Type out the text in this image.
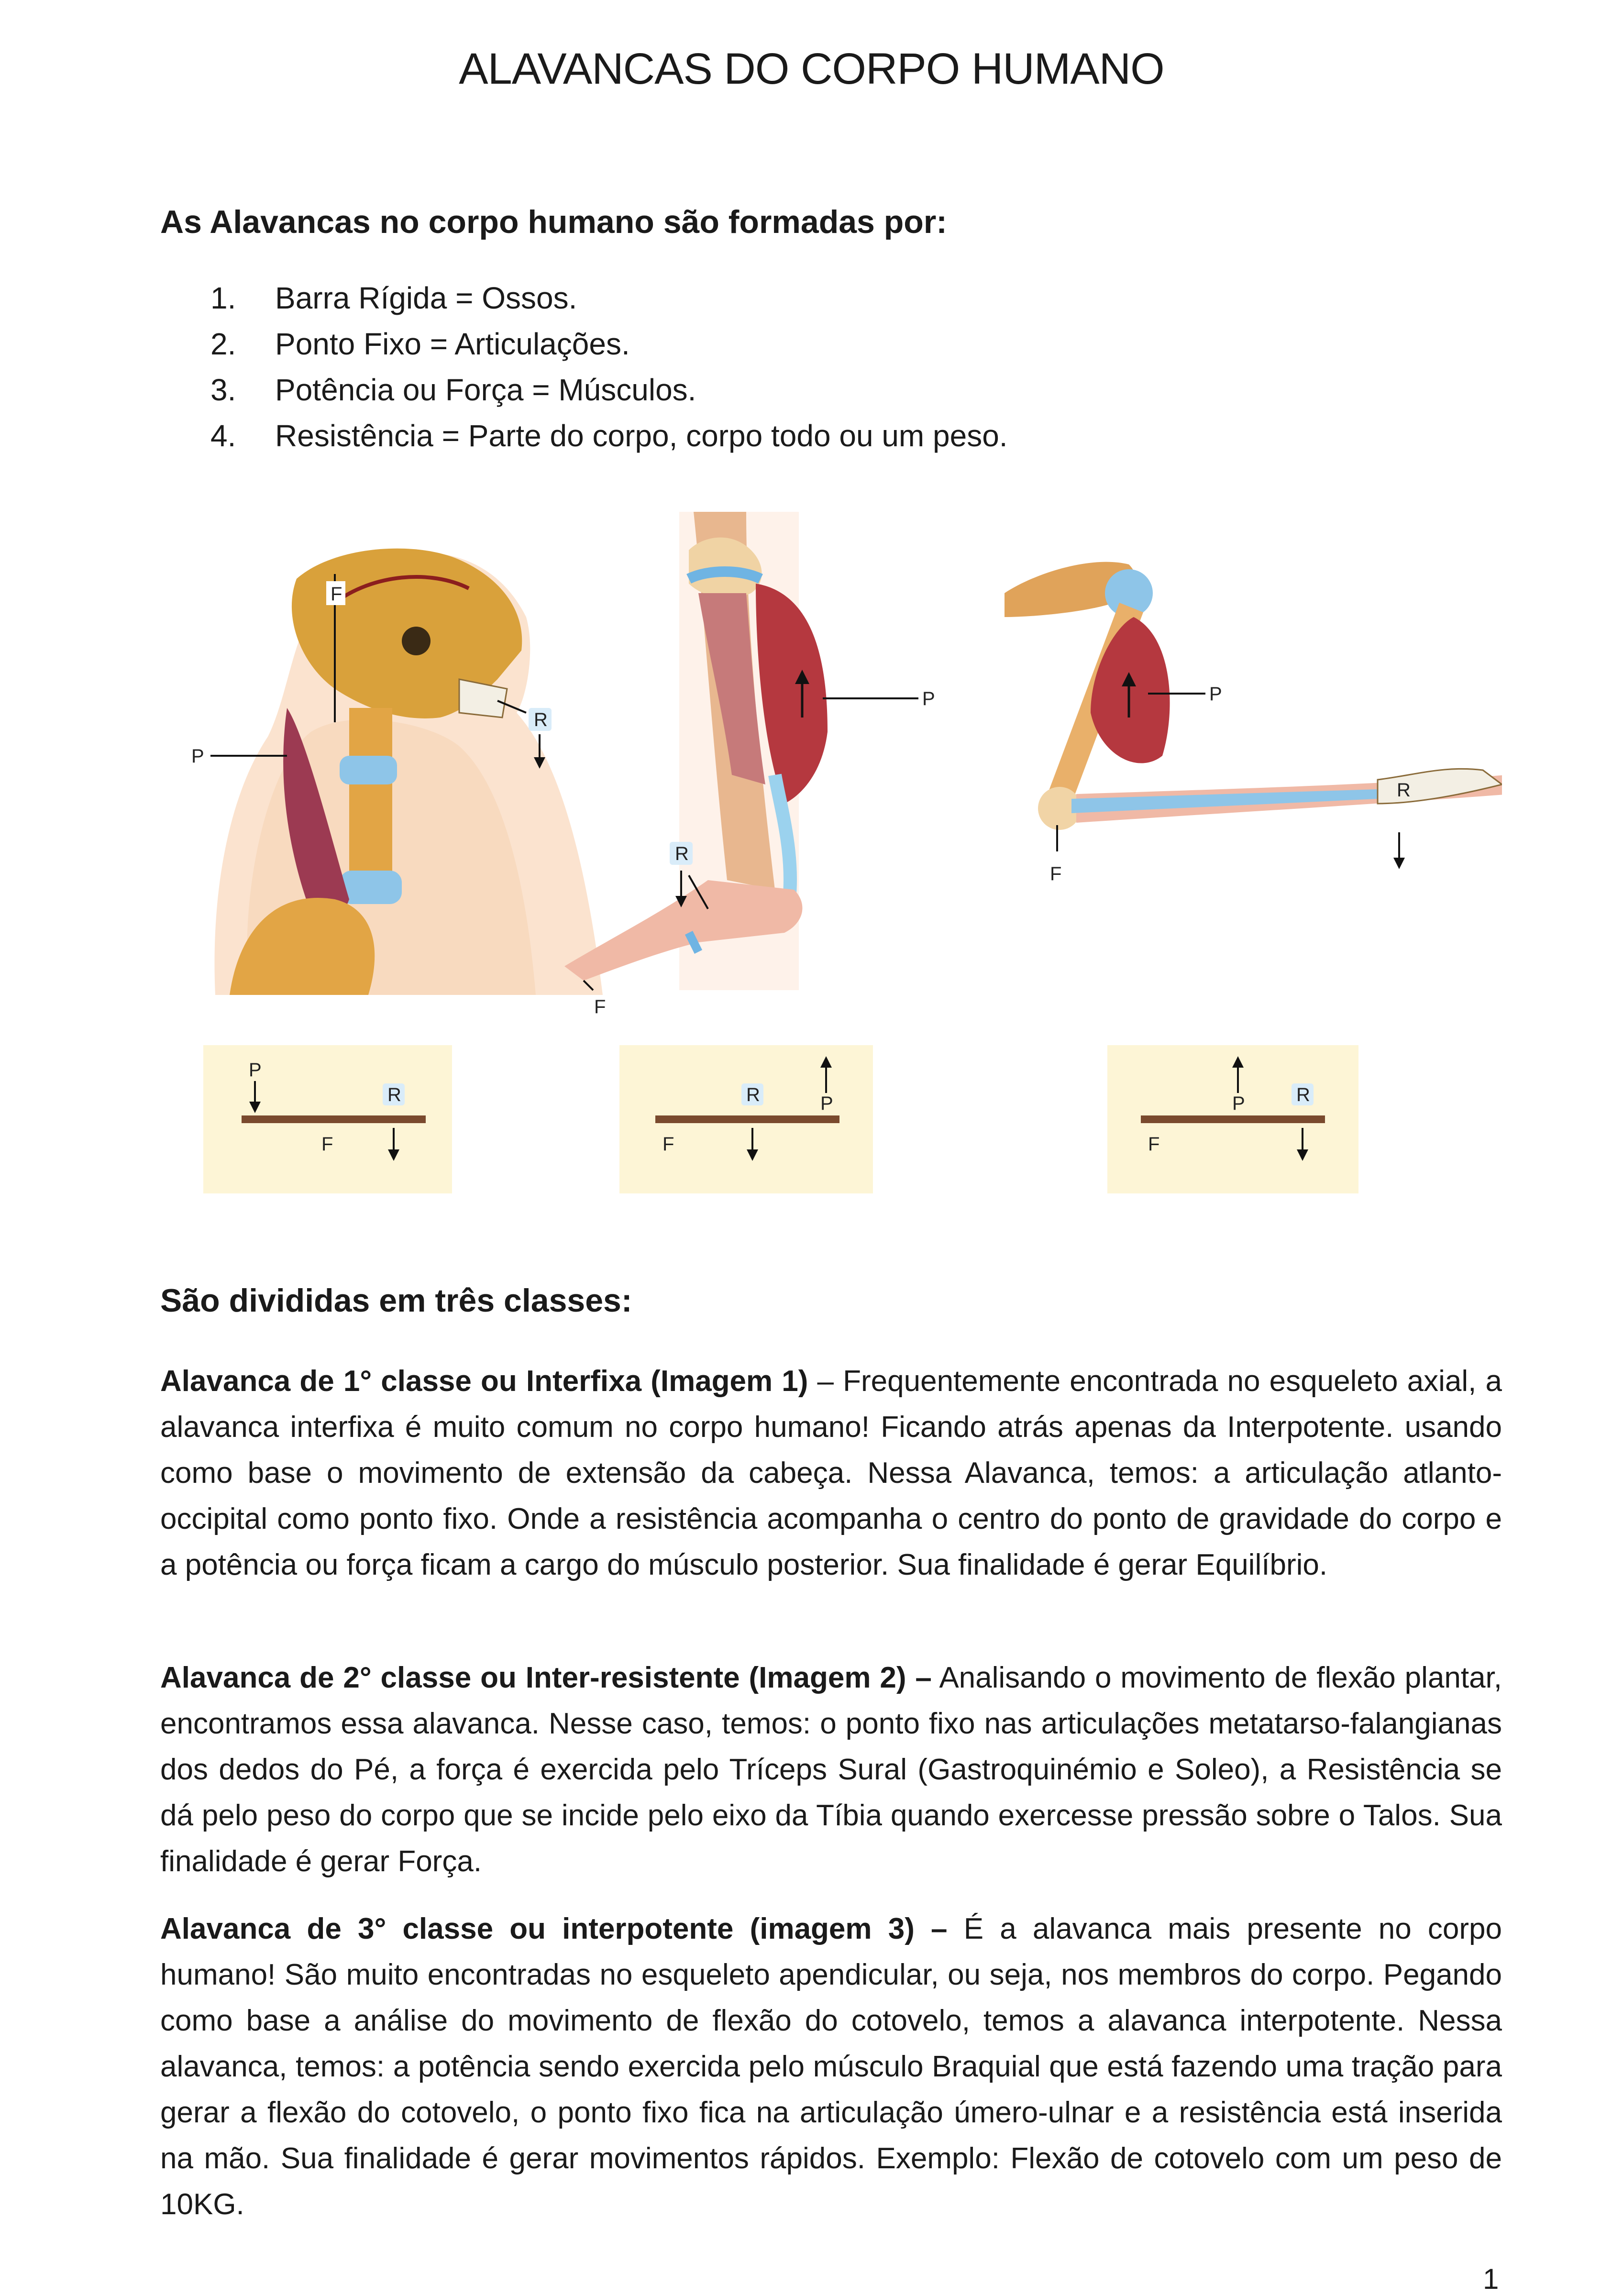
ALAVANCAS DO CORPO HUMANO
As Alavancas no corpo humano são formadas por:
1.	Barra Rígida = Ossos.
2.	Ponto Fixo = Articulações.
3.	Potência ou Força = Músculos.
4.	Resistência = Parte do corpo, corpo todo ou um peso.
F
P
R
P
R
F
P
F
R
P
R
F
R	P
F
P	R
F
São divididas em três classes:

Alavanca de 1° classe ou Interfixa (Imagem 1) – Frequentemente encontrada no esqueleto axial, a alavanca interfixa é muito comum no corpo humano! Ficando atrás apenas da Interpotente. usando como base o movimento de extensão da cabeça. Nessa Alavanca, temos: a articulação atlanto-occipital como ponto fixo. Onde a resistência acompanha o centro do ponto de gravidade do corpo e a potência ou força ficam a cargo do músculo posterior. Sua finalidade é gerar Equilíbrio.

Alavanca de 2° classe ou Inter-resistente (Imagem 2) – Analisando o movimento de flexão plantar, encontramos essa alavanca. Nesse caso, temos: o ponto fixo nas articulações metatarso-falangianas dos dedos do Pé, a força é exercida pelo Tríceps Sural (Gastroquinémio e Soleo), a Resistência se dá pelo peso do corpo que se incide pelo eixo da Tíbia quando exercesse pressão sobre o Talos. Sua finalidade é gerar Força.

Alavanca de 3° classe ou interpotente (imagem 3) – É a alavanca mais presente no corpo humano! São muito encontradas no esqueleto apendicular, ou seja, nos membros do corpo. Pegando como base a análise do movimento de flexão do cotovelo, temos a alavanca interpotente. Nessa alavanca, temos: a potência sendo exercida pelo músculo Braquial que está fazendo uma tração para gerar a flexão do cotovelo, o ponto fixo fica na articulação úmero-ulnar e a resistência está inserida na mão. Sua finalidade é gerar movimentos rápidos. Exemplo: Flexão de cotovelo com um peso de 10KG.

1
